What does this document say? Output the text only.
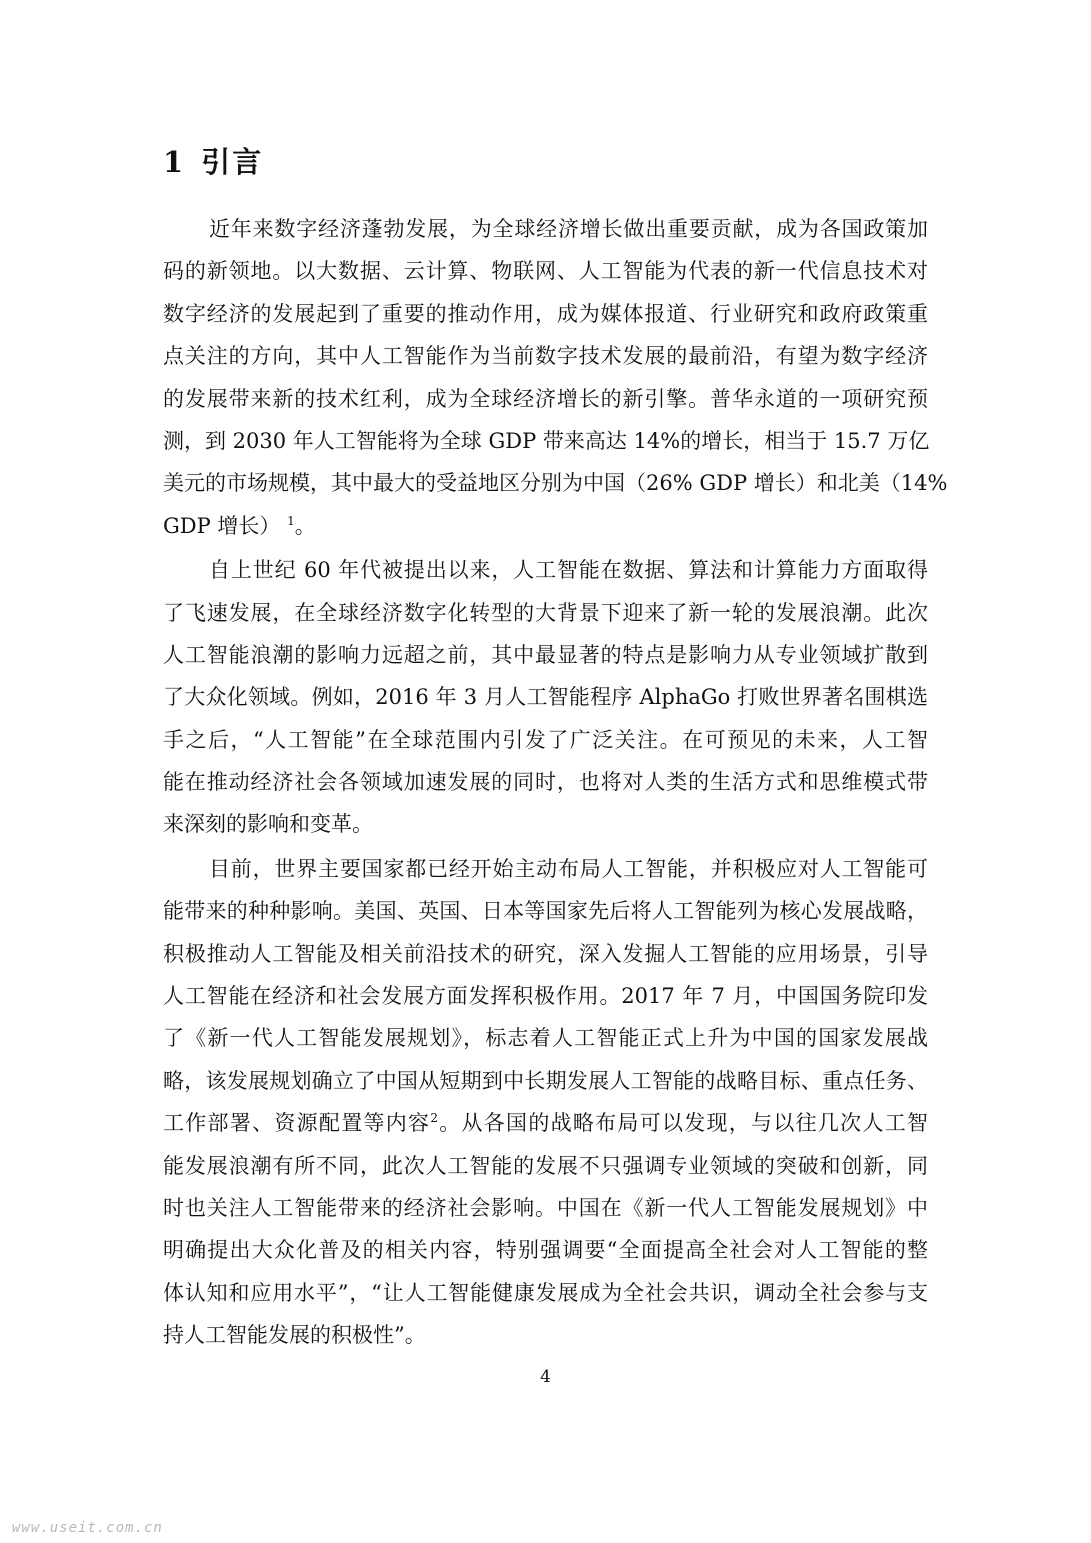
1 引言
近年来数字经济蓬勃发展，为全球经济增长做出重要贡献，成为各国政策加
码的新领地。以大数据、云计算、物联网、人工智能为代表的新一代信息技术对
数字经济的发展起到了重要的推动作用，成为媒体报道、行业研究和政府政策重
点关注的方向，其中人工智能作为当前数字技术发展的最前沿，有望为数字经济
的发展带来新的技术红利，成为全球经济增长的新引擎。普华永道的一项研究预
测，到 2030 年人工智能将为全球 GDP 带来高达 14%的增长，相当于 15.7 万亿
美元的市场规模，其中最大的受益地区分别为中国（26% GDP 增长）和北美（14%
GDP 增长） $^1$。
自上世纪 60 年代被提出以来，人工智能在数据、算法和计算能力方面取得
了飞速发展，在全球经济数字化转型的大背景下迎来了新一轮的发展浪潮。此次
人工智能浪潮的影响力远超之前，其中最显著的特点是影响力从专业领域扩散到
了大众化领域。例如，2016 年 3 月人工智能程序 AlphaGo 打败世界著名围棋选
手之后，“人工智能”在全球范围内引发了广泛关注。在可预见的未来，人工智
能在推动经济社会各领域加速发展的同时，也将对人类的生活方式和思维模式带
来深刻的影响和变革。
目前，世界主要国家都已经开始主动布局人工智能，并积极应对人工智能可
能带来的种种影响。美国、英国、日本等国家先后将人工智能列为核心发展战略，
积极推动人工智能及相关前沿技术的研究，深入发掘人工智能的应用场景，引导
人工智能在经济和社会发展方面发挥积极作用。2017 年 7 月，中国国务院印发
了《新一代人工智能发展规划》，标志着人工智能正式上升为中国的国家发展战
略，该发展规划确立了中国从短期到中长期发展人工智能的战略目标、重点任务、
工作部署、资源配置等内容$^2$。从各国的战略布局可以发现，与以往几次人工智
能发展浪潮有所不同，此次人工智能的发展不只强调专业领域的突破和创新，同
时也关注人工智能带来的经济社会影响。中国在《新一代人工智能发展规划》中
明确提出大众化普及的相关内容，特别强调要“全面提高全社会对人工智能的整
体认知和应用水平”，“让人工智能健康发展成为全社会共识，调动全社会参与支
持人工智能发展的积极性”。
4
www.useit.com.cn
